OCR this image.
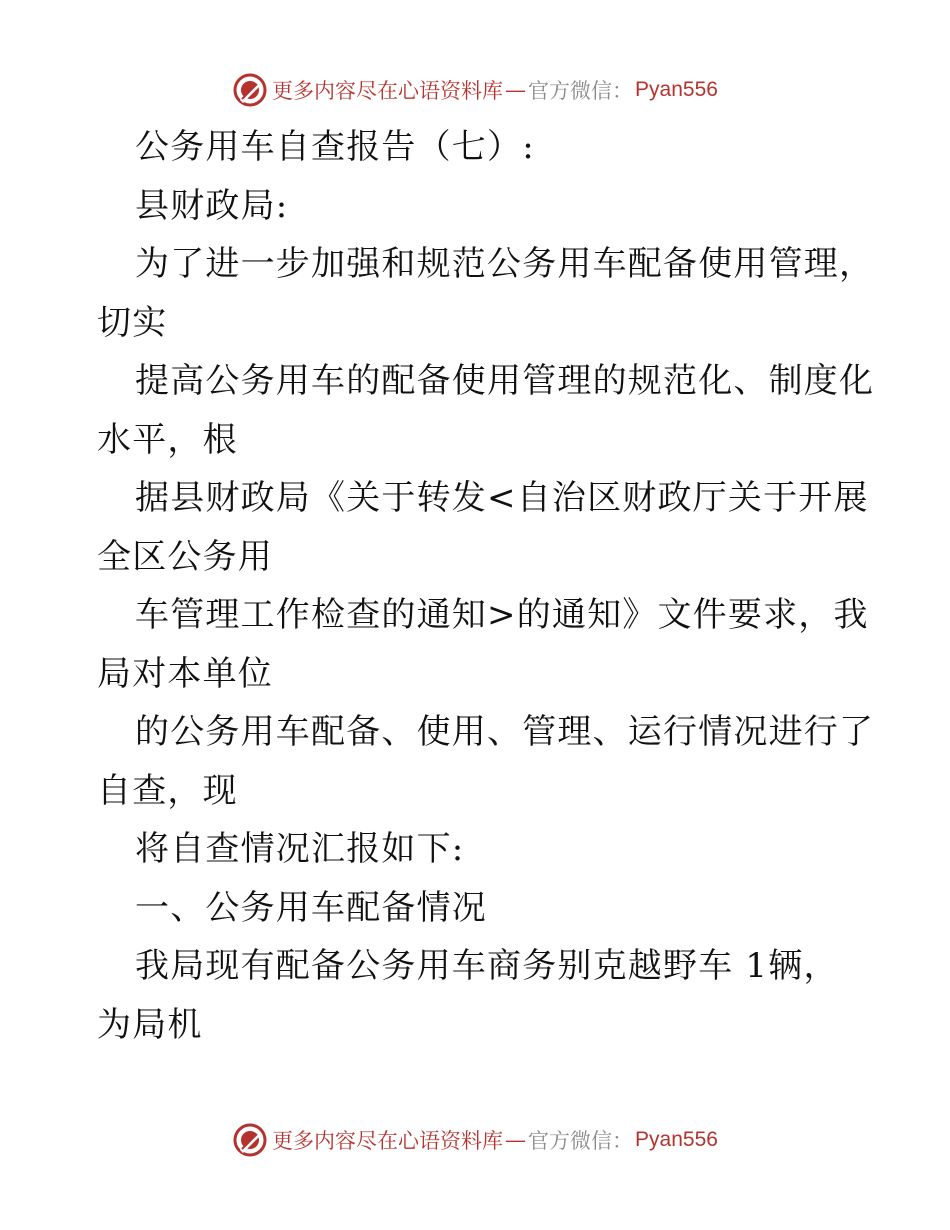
更多内容尽在心语资料库 — 官方微信： Pyan556
公务用车自查报告（七）:
县财政局:
为了进一步加强和规范公务用车配备使用管理，
切实
提高公务用车的配备使用管理的规范化、制度化
水平，根
据县财政局《关于转发<自治区财政厅关于开展
全区公务用
车管理工作检查的通知>的通知》文件要求，我
局对本单位
的公务用车配备、使用、管理、运行情况进行了
自查，现
将自查情况汇报如下:
一、公务用车配备情况
我局现有配备公务用车商务别克越野车 1辆，
为局机
更多内容尽在心语资料库 — 官方微信： Pyan556
